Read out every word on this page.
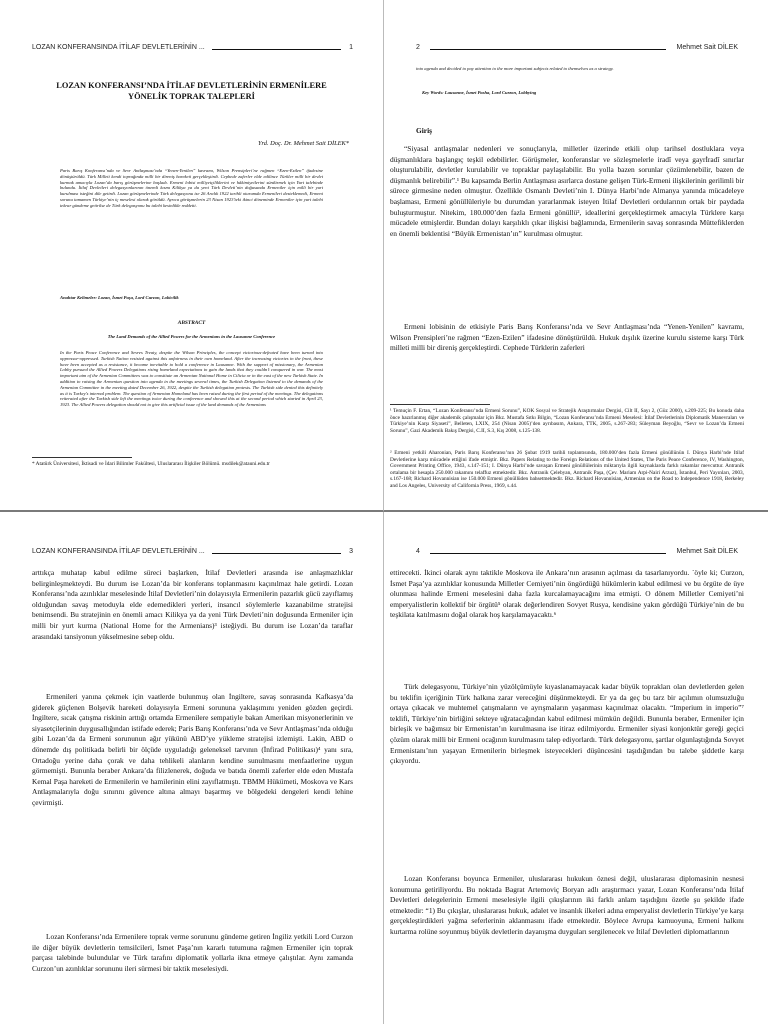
LOZAN KONFERANSINDA İTİLAF DEVLETLERİNİN ...	1
LOZAN KONFERANSI’NDA İTİLAF DEVLETLERİNİN ERMENİLERE YÖNELİK TOPRAK TALEPLERİ
Yrd. Doç. Dr. Mehmet Sait DİLEK*
Paris Barış Konferansı’nda ve Sevr Antlaşması’nda “Yenen-Yenilen” kavramı, Wilson Prensipleri’ne rağmen “Ezen-Ezilen” ifadesine dönüştürüldü. Türk Milleti kendi toprağında milli bir direniş hareketi gerçekleştirdi. Cephede zaferler elde edilince Türkler milli bir devlet kurmak amacıyla Lozan’da barış görüşmelerine başladı. Ermeni lobisi milliyetçiliklerini ve hâkimiyetlerini sürdürmek için Yurt talebinde bulundu. İtilaf Devletleri delegasyonlarının önemli kısmı Kilikya ya da yeni Türk Devleti’nin doğusunda Ermeniler için milli bir yurt kurulması isteğini dile getirdi. Lozan görüşmelerinde Türk delegasyonu ise 26 Aralık 1922 tarihli oturumda Ermenileri desteklemedi, Ermeni sorunu tamamen Türkiye’nin iç meselesi olarak görüldü. Ayrıca görüşmelerin 23 Nisan 1923’teki ikinci döneminde Ermeniler için yurt talebi tekrar gündeme getirilse de Türk delegasyonu bu talebi kesinlikle reddetti.
Anahtar Kelimeler: Lozan, İsmet Paşa, Lord Curzon, Lobicilik
ABSTRACT
The Land Demands of the Allied Powers for the Armenians in the Lausanne Conference
In the Paris Peace Conference and Sevres Treaty, despite the Wilson Principles, the concept victorious-defeated have been turned into oppressor-oppressed. Turkish Nation resisted against this unfairness in their own homeland. After the increasing victories in the front, these have been accepted as a resistance, it became inevitable to hold a conference in Lausanne. With the support of missionary, the Armenian Lobby pursued the Allied Powers Delegations rising homeland expectations to gain the lands that they couldn’t conquered in war. The most important aim of the Armenian Committees was to constitute an Armenian National Home in Cilicia or in the east of the new Turkish State. In addition to raising the Armenian question into agenda in the meetings several times, the Turkish Delegation listened to the demands of the Armenian Committee in the meeting dated December 26, 1922, despite the Turkish delegation protests. The Turkish side denied this definitely as it is Turkey’s internal problem. The question of Armenian Homeland has been raised during the first period of the meetings. The delegations reiterated after the Turkish side left the meetings twice during the conference and showed this at the second period which started in April 23, 1923. The Allied Powers delegation should not to give this artificial issue of the land demands of the Armenians
* Atatürk Üniversitesi, İktisadi ve İdari Bilimler Fakültesi, Uluslararası İlişkiler Bölümü. msdilek@atauni.edu.tr
2	Mehmet Sait DİLEK
into agenda and decided to pay attention to the more important subjects related to themselves as a strategy.
Key Words: Lausanne, İsmet Pasha, Lord Curzon, Lobbying
Giriş
“Siyasal antlaşmalar nedenleri ve sonuçlarıyla, milletler üzerinde etkili olup tarihsel dostluklara veya düşmanlıklara başlangıç teşkil edebilirler. Görüşmeler, konferanslar ve sözleşmelerle iradî veya gayrİradî sınırlar oluşturulabilir, devletler kurulabilir ve topraklar paylaşılabilir. Bu yolla bazen sorunlar çözümlenebilir, bazen de düşmanlık belirebilir”.¹ Bu kapsamda Berlin Antlaşması asırlarca dostane gelişen Türk-Ermeni ilişkilerinin gerilimli bir sürece girmesine neden olmuştur. Özellikle Osmanlı Devleti’nin I. Dünya Harbi’nde Almanya yanında mücadeleye başlaması, Ermeni gönüllüleriyle bu durumdan yararlanmak isteyen İtilaf Devletleri ordularının ortak bir paydada buluşturmuştur. Nitekim, 180.000’den fazla Ermeni gönüllü², ideallerini gerçekleştirmek amacıyla Türklere karşı mücadele etmişlerdir. Bundan dolayı karşılıklı çıkar ilişkisi bağlamında, Ermenilerin savaş sonrasında Müttefiklerden en önemli beklentisi “Büyük Ermenistan’ın” kurulması olmuştur.
Ermeni lobisinin de etkisiyle Paris Barış Konferansı’nda ve Sevr Antlaşması’nda “Yenen-Yenilen” kavramı, Wilson Prensipleri’ne rağmen “Ezen-Ezilen” ifadesine dönüştürüldü. Hukuk dışılık üzerine kurulu sisteme karşı Türk milleti milli bir direniş gerçekleştirdi. Cephede Türklerin zaferleri
¹ Temuçin F. Ertan, “Lozan Konferansı’nda Ermeni Sorunu”, KÖK Sosyal ve Stratejik Araştırmalar Dergisi, Cilt II, Sayı 2, (Güz 2000), s.209-225; Bu konuda daha önce hazırlanmış diğer akademik çalışmalar için Bkz. Mustafa Sıtkı Bilgin, “Lozan Konferansı’nda Ermeni Meselesi: İtilaf Devletlerinin Diplomatik Manevraları ve Türkiye’nin Karşı Siyaseti”, Belleten, LXIX, 254 (Nisan 2005)’den ayrıbasım, Ankara, TTK, 2005, s.267-283; Süleyman Beyoğlu, “Sevr ve Lozan’da Ermeni Sorunu”, Gazi Akademik Bakış Dergisi, C.II, S.3, Kış 2008, s.125-138.
² Ermeni yetkili Aharonian, Paris Barış Konferansı’nın 26 Şubat 1919 tarihli toplantısında, 180.000’den fazla Ermeni gönüllünün I. Dünya Harbi’nde İtilaf Devletlerine karşı mücadele ettiğini ifade etmiştir. Bkz. Papers Relating to the Foreign Relations of the United States, The Paris Peace Conference, IV, Washington, Government Printing Office, 1943, s.147-151; I. Dünya Harbi’nde savaşan Ermeni gönüllülerinin miktarıyla ilgili kaynaklarda farklı rakamlar mevcuttur. Antranik ortalama bir hesapla 250.000 rakamını telaffuz etmektedir. Bkz. Antranik Çelebyan, Antranik Paşa, (Çev. Mariam Arpi-Nairi Arzuz), İstanbul, Peri Yayınları, 2003, s.167-168; Richard Hovannisian ise 150.000 Ermeni gönüllüden bahsetmektedir. Bkz. Richard Hovannisian, Armenian on the Road to Independence 1918, Berkeley and Los Angeles, University of California Press, 1969, s.44.
LOZAN KONFERANSINDA İTİLAF DEVLETLERİNİN ...	3
arttıkça muhatap kabul edilme süreci başlarken, İtilaf Devletleri arasında ise anlaşmazlıklar belirginleşmekteydi. Bu durum ise Lozan’da bir konferans toplanmasını kaçınılmaz hale getirdi. Lozan Konferansı’nda azınlıklar meselesinde İtilaf Devletleri’nin dolayısıyla Ermenilerin pazarlık gücü zayıflamış olduğundan savaş metoduyla elde edemedikleri yerleri, insancıl söylemlerle kazanabilme stratejisi benimsendi. Bu stratejinin en önemli amacı Kilikya ya da yeni Türk Devleti’nin doğusunda Ermeniler için milli bir yurt kurma (National Home for the Armenians)³ isteğiydi. Bu durum ise Lozan’da taraflar arasındaki tansiyonun yükselmesine sebep oldu.
Ermenileri yanına çekmek için vaatlerde bulunmuş olan İngiltere, savaş sonrasında Kafkasya’da giderek güçlenen Bolşevik hareketi dolayısıyla Ermeni sorununa yaklaşımını yeniden gözden geçirdi. İngiltere, sıcak çatışma riskinin arttığı ortamda Ermenilere sempatiyle bakan Amerikan misyonerlerinin ve siyasetçilerinin duygusallığından istifade ederek; Paris Barış Konferansı’nda ve Sevr Antlaşması’nda olduğu gibi Lozan’da da Ermeni sorununun ağır yükünü ABD’ye yükleme stratejisi izlemişti. Lakin, ABD o dönemde dış politikada belirli bir ölçüde uyguladığı geleneksel tarvının (İnfirad Politikası)⁴ yanı sıra, Ortadoğu yerine daha çorak ve daha tehlikeli alanların kendine sunulmasını menfaatlerine uygun görmemişti. Bununla beraber Ankara’da filizlenerek, doğuda ve batıda önemli zaferler elde eden Mustafa Kemal Paşa hareketi de Ermenilerin ve hamilerinin elini zayıflatmıştı. TBMM Hükümeti, Moskova ve Kars Antlaşmalarıyla doğu sınırını güvence altına almayı başarmış ve bölgedeki dengeleri kendi lehine çevirmişti.
Lozan Konferansı’nda Ermenilere toprak verme sorununu gündeme getiren İngiliz yetkili Lord Curzon ile diğer büyük devletlerin temsilcileri, İsmet Paşa’nın kararlı tutumuna rağmen Ermeniler için toprak parçası talebinde bulundular ve Türk tarafını diplomatik yollarla ikna etmeye çalıştılar. Aynı zamanda Curzon’un azınlıklar sorununu ileri sürmesi bir taktik meselesiydi.
4	Mehmet Sait DİLEK
ettirecekti. İkinci olarak aynı taktikle Moskova ile Ankara’nın arasının açılması da tasarlanıyordu. `öyle ki; Curzon, İsmet Paşa’ya azınlıklar konusunda Milletler Cemiyeti’nin öngördüğü hükümlerin kabul edilmesi ve bu örgüte de üye olunması halinde Ermeni meselesini daha fazla kurcalamayacağını ima etmişti. O dönem Milletler Cemiyeti’ni emperyalistlerin kollektif bir örgütü⁵ olarak değerlendiren Sovyet Rusya, kendisine yakın gördüğü Türkiye’nin de bu teşkilata katılmasını doğal olarak hoş karşılamayacaktı.⁶
Türk delegasyonu, Türkiye’nin yüzölçümüyle kıyaslanamayacak kadar büyük toprakları olan devletlerden gelen bu teklifin içeriğinin Türk halkına zarar vereceğini düşünmekteydi. Er ya da geç bu tarz bir açılımın olumsuzluğu ortaya çıkacak ve muhtemel çatışmaların ve ayrışmaların yaşanması kaçınılmaz olacaktı. “Imperium in imperio”⁷ teklifi, Türkiye’nin birliğini sekteye uğratacağından kabul edilmesi mümkün değildi. Bununla beraber, Ermeniler için birleşik ve bağımsız bir Ermenistan’ın kurulmasına ise itiraz edilmiyordu. Ermeniler siyasi konjonktür gereği geçici çözüm olarak milli bir Ermeni ocağının kurulmasını talep ediyorlardı. Türk delegasyonu, şartlar olgunlaştığında Sovyet Ermenistanı’nın yaşayan Ermenilerin birleşmek isteyecekleri düşüncesini taşıdığından bu talebe şiddetle karşı çıkıyordu.
Lozan Konferansı boyunca Ermeniler, uluslararası hukukun öznesi değil, uluslararası diplomasinin nesnesi konumuna getiriliyordu. Bu noktada Bagrat Artemoviç Boryan adlı araştırmacı yazar, Lozan Konferansı’nda İtilaf Devletleri delegelerinin Ermeni meselesiyle ilgili çıkışlarının iki farklı anlam taşıdığını özetle şu şekilde ifade etmektedir: “1) Bu çıkışlar, uluslararası hukuk, adalet ve insanlık ilkeleri adına emperyalist devletlerin Türkiye’ye karşı gerçekleştirdikleri yağma seferlerinin aklanmasını ifade etmektedir. Böylece Avrupa kamuoyuna, Ermeni halkını kurtarma rolüne soyunmuş büyük devletlerin dayanışma duyguları sergilenecek ve İtilaf Devletleri diplomatlarının
